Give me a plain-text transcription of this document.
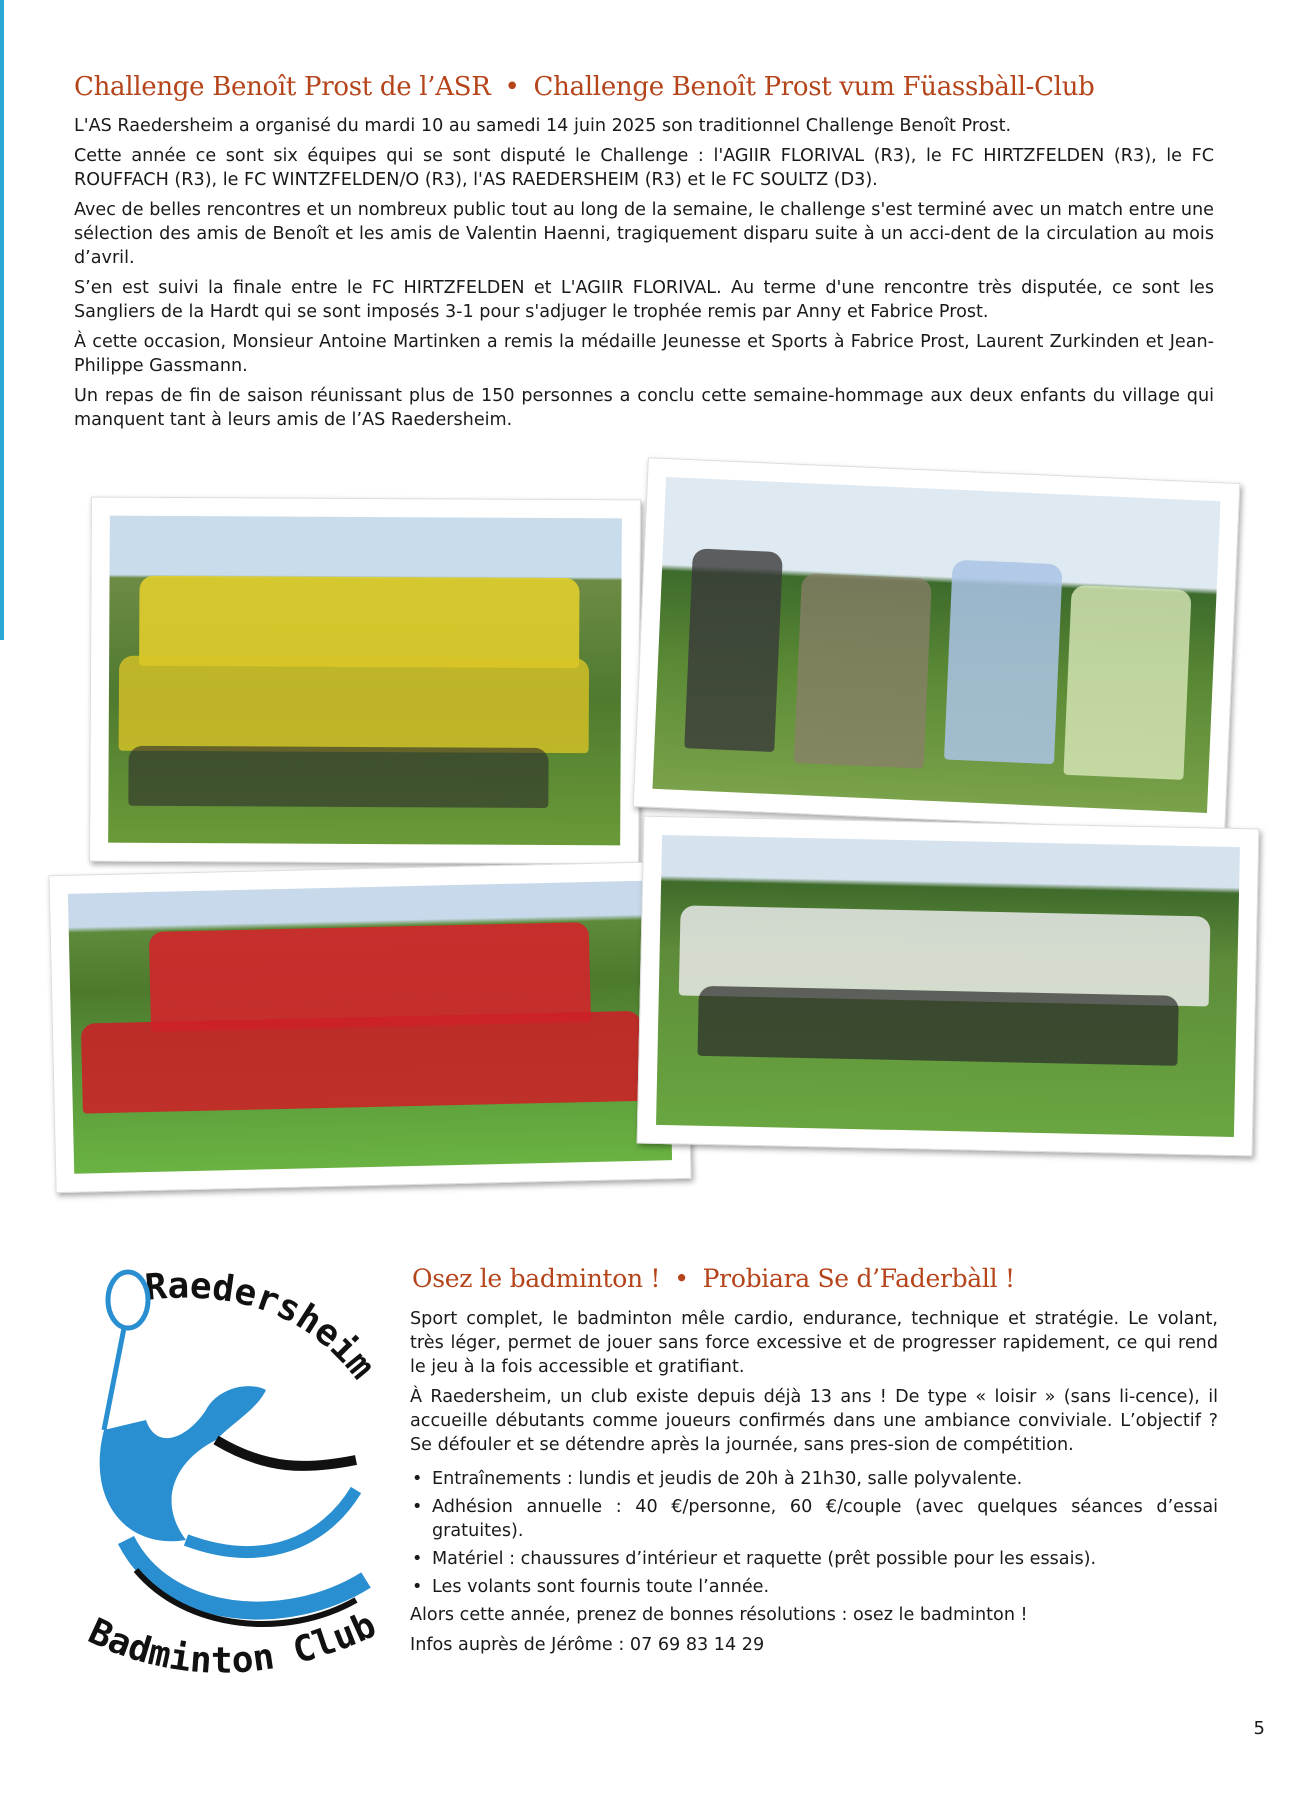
Challenge Benoît Prost de l’ASR • Challenge Benoît Prost vum Füassbàll-Club

L'AS Raedersheim a organisé du mardi 10 au samedi 14 juin 2025 son traditionnel Challenge Benoît Prost.

Cette année ce sont six équipes qui se sont disputé le Challenge : l'AGIIR FLORIVAL (R3), le FC HIRTZFELDEN (R3), le FC ROUFFACH (R3), le FC WINTZFELDEN/O (R3), l'AS RAEDERSHEIM (R3) et le FC SOULTZ (D3).

Avec de belles rencontres et un nombreux public tout au long de la semaine, le challenge s'est terminé avec un match entre une sélection des amis de Benoît et les amis de Valentin Haenni, tragiquement disparu suite à un acci-dent de la circulation au mois d’avril.

S’en est suivi la finale entre le FC HIRTZFELDEN et L'AGIIR FLORIVAL. Au terme d'une rencontre très disputée, ce sont les Sangliers de la Hardt qui se sont imposés 3-1 pour s'adjuger le trophée remis par Anny et Fabrice Prost.

À cette occasion, Monsieur Antoine Martinken a remis la médaille Jeunesse et Sports à Fabrice Prost, Laurent Zurkinden et Jean-Philippe Gassmann.

Un repas de fin de saison réunissant plus de 150 personnes a conclu cette semaine-hommage aux deux enfants du village qui manquent tant à leurs amis de l’AS Raedersheim.

Raedersheim
Badminton Club
Osez le badminton ! • Probiara Se d’Faderbàll !

Sport complet, le badminton mêle cardio, endurance, technique et stratégie. Le volant, très léger, permet de jouer sans force excessive et de progresser rapidement, ce qui rend le jeu à la fois accessible et gratifiant.

À Raedersheim, un club existe depuis déjà 13 ans ! De type « loisir » (sans li-cence), il accueille débutants comme joueurs confirmés dans une ambiance conviviale. L’objectif ? Se défouler et se détendre après la journée, sans pres-sion de compétition.

• Entraînements : lundis et jeudis de 20h à 21h30, salle polyvalente.
• Adhésion annuelle : 40 €/personne, 60 €/couple (avec quelques séances d’essai gratuites).
• Matériel : chaussures d’intérieur et raquette (prêt possible pour les essais).
• Les volants sont fournis toute l’année.

Alors cette année, prenez de bonnes résolutions : osez le badminton !

Infos auprès de Jérôme : 07 69 83 14 29

5
